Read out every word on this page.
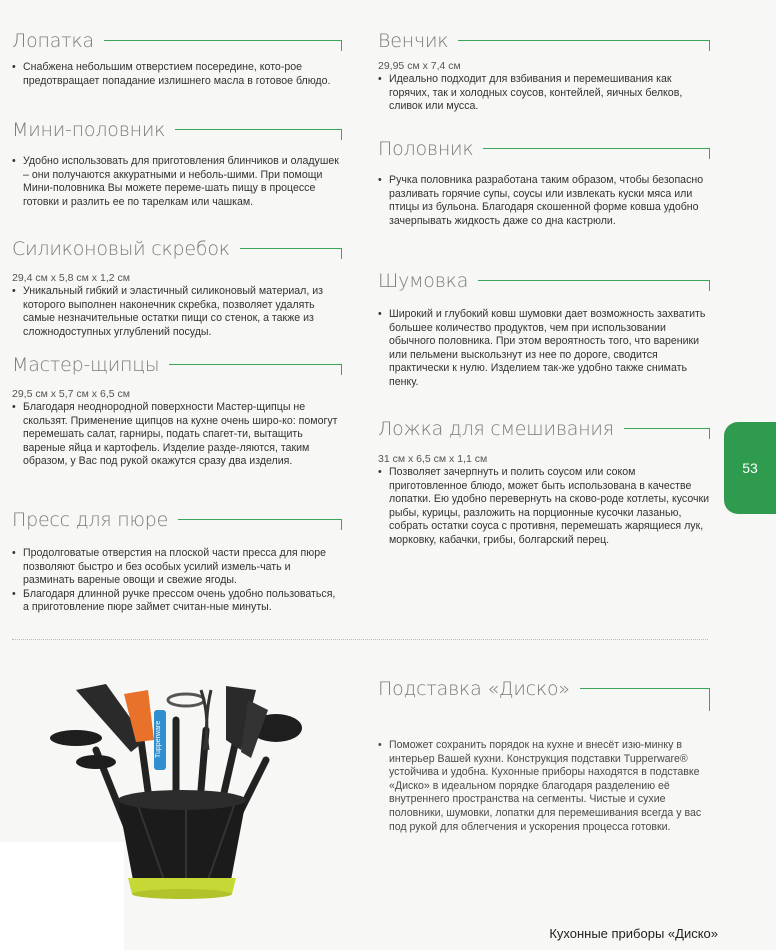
Лопатка
• Снабжена небольшим отверстием посередине, кото-рое предотвращает попадание излишнего масла в готовое блюдо.
Мини-половник
• Удобно использовать для приготовления блинчиков и оладушек – они получаются аккуратными и неболь-шими. При помощи Мини-половника Вы можете переме-шать пищу в процессе готовки и разлить ее по тарелкам или чашкам.
Силиконовый скребок
29,4 см х 5,8 см х 1,2 см
• Уникальный гибкий и эластичный силиконовый материал, из которого выполнен наконечник скребка, позволяет удалять самые незначительные остатки пищи со стенок, а также из сложнодоступных углублений посуды.
Мастер-щипцы
29,5 см х 5,7 см х 6,5 см
• Благодаря неоднородной поверхности Мастер-щипцы не скользят. Применение щипцов на кухне очень широ-ко: помогут перемешать салат, гарниры, подать спагет-ти, вытащить вареные яйца и картофель. Изделие разде-ляются, таким образом, у Вас под рукой окажутся сразу два изделия.
Пресс для пюре
• Продолговатые отверстия на плоской части пресса для пюре позволяют быстро и без особых усилий измель-чать и разминать вареные овощи и свежие ягоды.
• Благодаря длинной ручке прессом очень удобно пользоваться, а приготовление пюре займет считан-ные минуты.
Венчик
29,95 см х 7,4 см
• Идеально подходит для взбивания и перемешивания как горячих, так и холодных соусов, контейлей, яичных белков, сливок или мусса.
Половник
• Ручка половника разработана таким образом, чтобы безопасно разливать горячие супы, соусы или извлекать куски мяса или птицы из бульона. Благодаря скошенной форме ковша удобно зачерпывать жидкость даже со дна кастрюли.
Шумовка
• Широкий и глубокий ковш шумовки дает возможность захватить большее количество продуктов, чем при использовании обычного половника. При этом вероятность того, что вареники или пельмени выскользнут из нее по дороге, сводится практически к нулю. Изделием так-же удобно также снимать пенку.
Ложка для смешивания
31 см х 6,5 см х 1,1 см
• Позволяет зачерпнуть и полить соусом или соком приготовленное блюдо, может быть использована в качестве лопатки. Ею удобно перевернуть на сково-роде котлеты, кусочки рыбы, курицы, разложить на порционные кусочки лазанью, собрать остатки соуса с противня, перемешать жарящиеся лук, морковку, кабачки, грибы, болгарский перец.
53
Подставка «Диско»
• Поможет сохранить порядок на кухне и внесёт изю-минку в интерьер Вашей кухни. Конструкция подставки Tupperware® устойчива и удобна. Кухонные приборы находятся в подставке «Диско» в идеальном порядке благодаря разделению её внутреннего пространства на сегменты. Чистые и сухие половники, шумовки, лопатки для перемешивания всегда у вас под рукой для облегчения и ускорения процесса готовки.
Tupperware
Кухонные приборы «Диско»
